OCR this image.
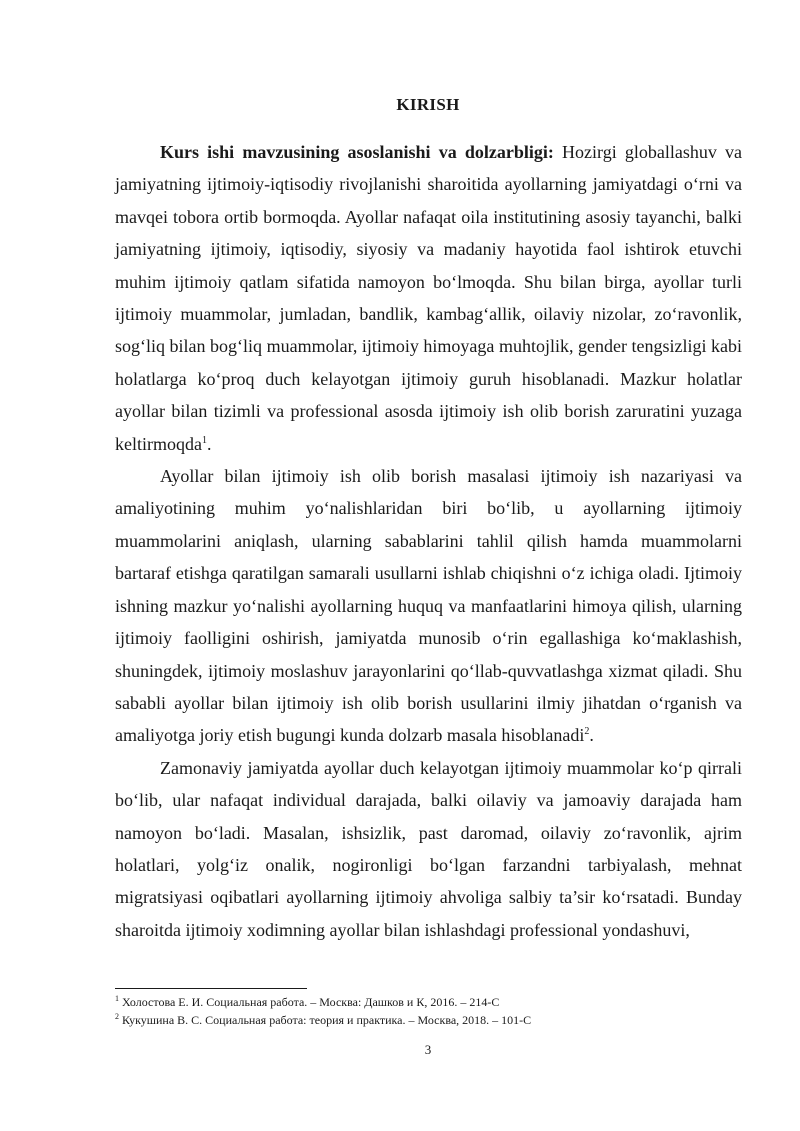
KIRISH

Kurs ishi mavzusining asoslanishi va dolzarbligi: Hozirgi globallashuv va jamiyatning ijtimoiy-iqtisodiy rivojlanishi sharoitida ayollarning jamiyatdagi o‘rni va mavqei tobora ortib bormoqda. Ayollar nafaqat oila institutining asosiy tayanchi, balki jamiyatning ijtimoiy, iqtisodiy, siyosiy va madaniy hayotida faol ishtirok etuvchi muhim ijtimoiy qatlam sifatida namoyon bo‘lmoqda. Shu bilan birga, ayollar turli ijtimoiy muammolar, jumladan, bandlik, kambag‘allik, oilaviy nizolar, zo‘ravonlik, sog‘liq bilan bog‘liq muammolar, ijtimoiy himoyaga muhtojlik, gender tengsizligi kabi holatlarga ko‘proq duch kelayotgan ijtimoiy guruh hisoblanadi. Mazkur holatlar ayollar bilan tizimli va professional asosda ijtimoiy ish olib borish zaruratini yuzaga keltirmoqda$^1$.

Ayollar bilan ijtimoiy ish olib borish masalasi ijtimoiy ish nazariyasi va amaliyotining muhim yo‘nalishlaridan biri bo‘lib, u ayollarning ijtimoiy muammolarini aniqlash, ularning sabablarini tahlil qilish hamda muammolarni bartaraf etishga qaratilgan samarali usullarni ishlab chiqishni o‘z ichiga oladi. Ijtimoiy ishning mazkur yo‘nalishi ayollarning huquq va manfaatlarini himoya qilish, ularning ijtimoiy faolligini oshirish, jamiyatda munosib o‘rin egallashiga ko‘maklashish, shuningdek, ijtimoiy moslashuv jarayonlarini qo‘llab-quvvatlashga xizmat qiladi. Shu sababli ayollar bilan ijtimoiy ish olib borish usullarini ilmiy jihatdan o‘rganish va amaliyotga joriy etish bugungi kunda dolzarb masala hisoblanadi$^2$.

Zamonaviy jamiyatda ayollar duch kelayotgan ijtimoiy muammolar ko‘p qirrali bo‘lib, ular nafaqat individual darajada, balki oilaviy va jamoaviy darajada ham namoyon bo‘ladi. Masalan, ishsizlik, past daromad, oilaviy zo‘ravonlik, ajrim holatlari, yolg‘iz onalik, nogironligi bo‘lgan farzandni tarbiyalash, mehnat migratsiyasi oqibatlari ayollarning ijtimoiy ahvoliga salbiy ta’sir ko‘rsatadi. Bunday sharoitda ijtimoiy xodimning ayollar bilan ishlashdagi professional yondashuvi,

$^1$ Холостова Е. И. Социальная работа. – Москва: Дашков и К, 2016. – 214-С
$^2$ Кукушина В. С. Социальная работа: теория и практика. – Москва, 2018. – 101-С
3
